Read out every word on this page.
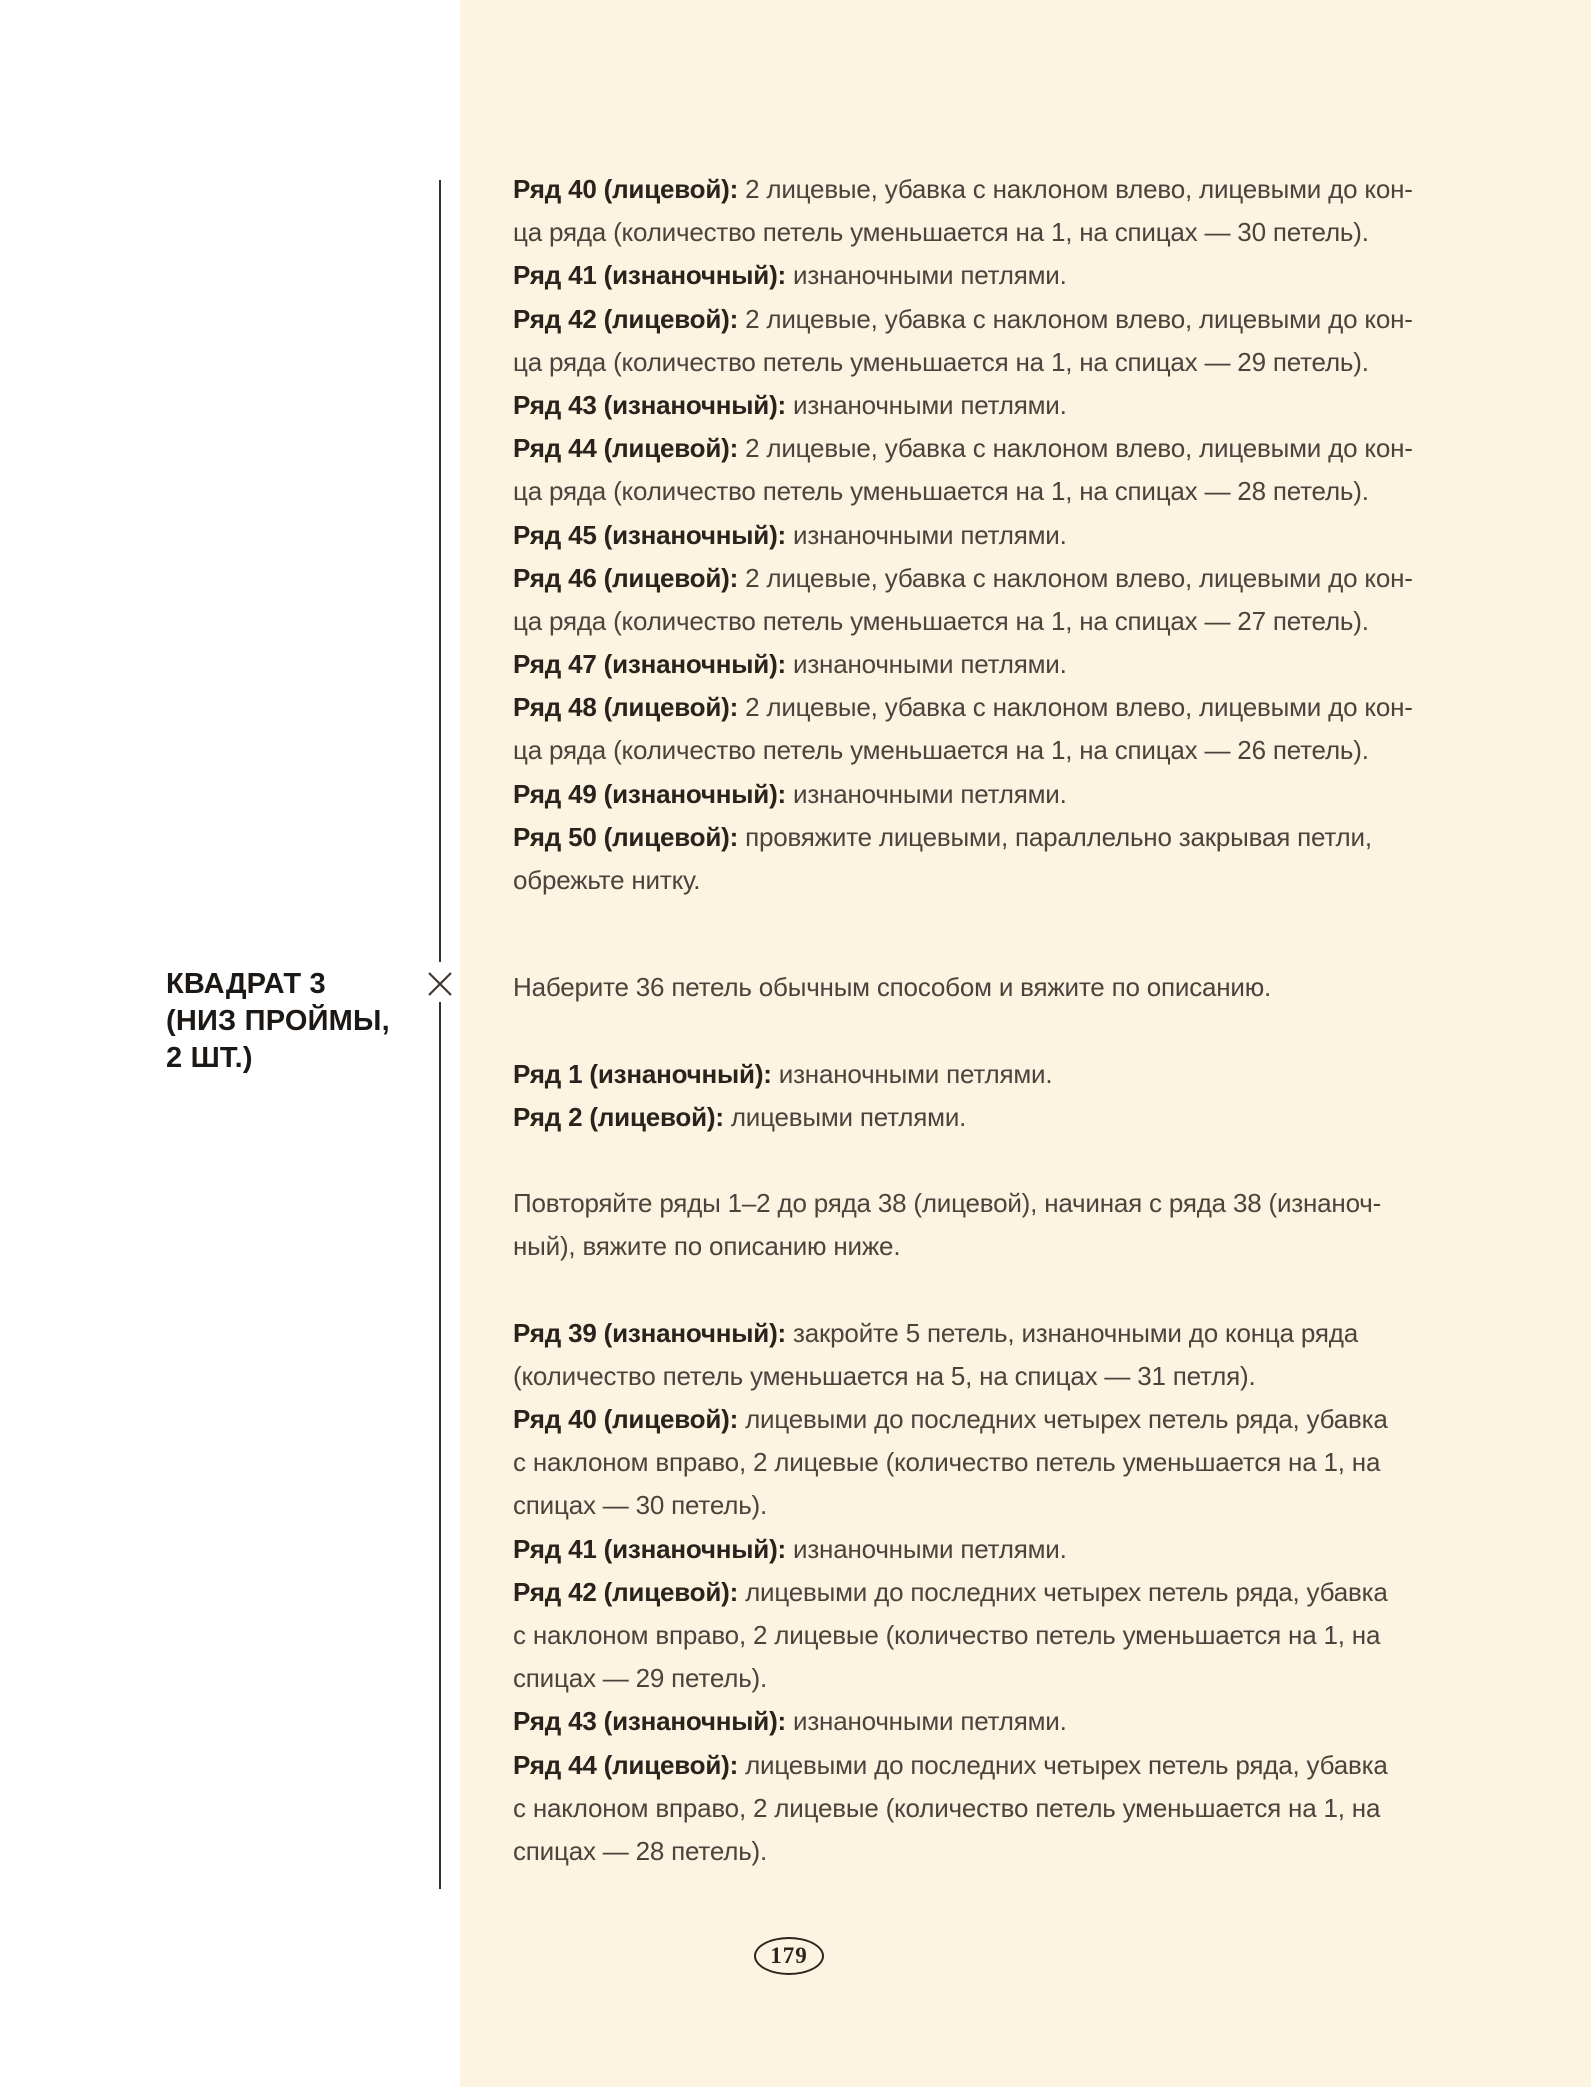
КВАДРАТ 3
(НИЗ ПРОЙМЫ,
2 ШТ.)
Ряд 40 (лицевой): 2 лицевые, убавка с наклоном влево, лицевыми до кон-
ца ряда (количество петель уменьшается на 1, на спицах — 30 петель).
Ряд 41 (изнаночный): изнаночными петлями.
Ряд 42 (лицевой): 2 лицевые, убавка с наклоном влево, лицевыми до кон-
ца ряда (количество петель уменьшается на 1, на спицах — 29 петель).
Ряд 43 (изнаночный): изнаночными петлями.
Ряд 44 (лицевой): 2 лицевые, убавка с наклоном влево, лицевыми до кон-
ца ряда (количество петель уменьшается на 1, на спицах — 28 петель).
Ряд 45 (изнаночный): изнаночными петлями.
Ряд 46 (лицевой): 2 лицевые, убавка с наклоном влево, лицевыми до кон-
ца ряда (количество петель уменьшается на 1, на спицах — 27 петель).
Ряд 47 (изнаночный): изнаночными петлями.
Ряд 48 (лицевой): 2 лицевые, убавка с наклоном влево, лицевыми до кон-
ца ряда (количество петель уменьшается на 1, на спицах — 26 петель).
Ряд 49 (изнаночный): изнаночными петлями.
Ряд 50 (лицевой): провяжите лицевыми, параллельно закрывая петли,
обрежьте нитку.
Наберите 36 петель обычным способом и вяжите по описанию.
Ряд 1 (изнаночный): изнаночными петлями.
Ряд 2 (лицевой): лицевыми петлями.
Повторяйте ряды 1–2 до ряда 38 (лицевой), начиная с ряда 38 (изнаноч-
ный), вяжите по описанию ниже.
Ряд 39 (изнаночный): закройте 5 петель, изнаночными до конца ряда
(количество петель уменьшается на 5, на спицах — 31 петля).
Ряд 40 (лицевой): лицевыми до последних четырех петель ряда, убавка
с наклоном вправо, 2 лицевые (количество петель уменьшается на 1, на
спицах — 30 петель).
Ряд 41 (изнаночный): изнаночными петлями.
Ряд 42 (лицевой): лицевыми до последних четырех петель ряда, убавка
с наклоном вправо, 2 лицевые (количество петель уменьшается на 1, на
спицах — 29 петель).
Ряд 43 (изнаночный): изнаночными петлями.
Ряд 44 (лицевой): лицевыми до последних четырех петель ряда, убавка
с наклоном вправо, 2 лицевые (количество петель уменьшается на 1, на
спицах — 28 петель).
179
